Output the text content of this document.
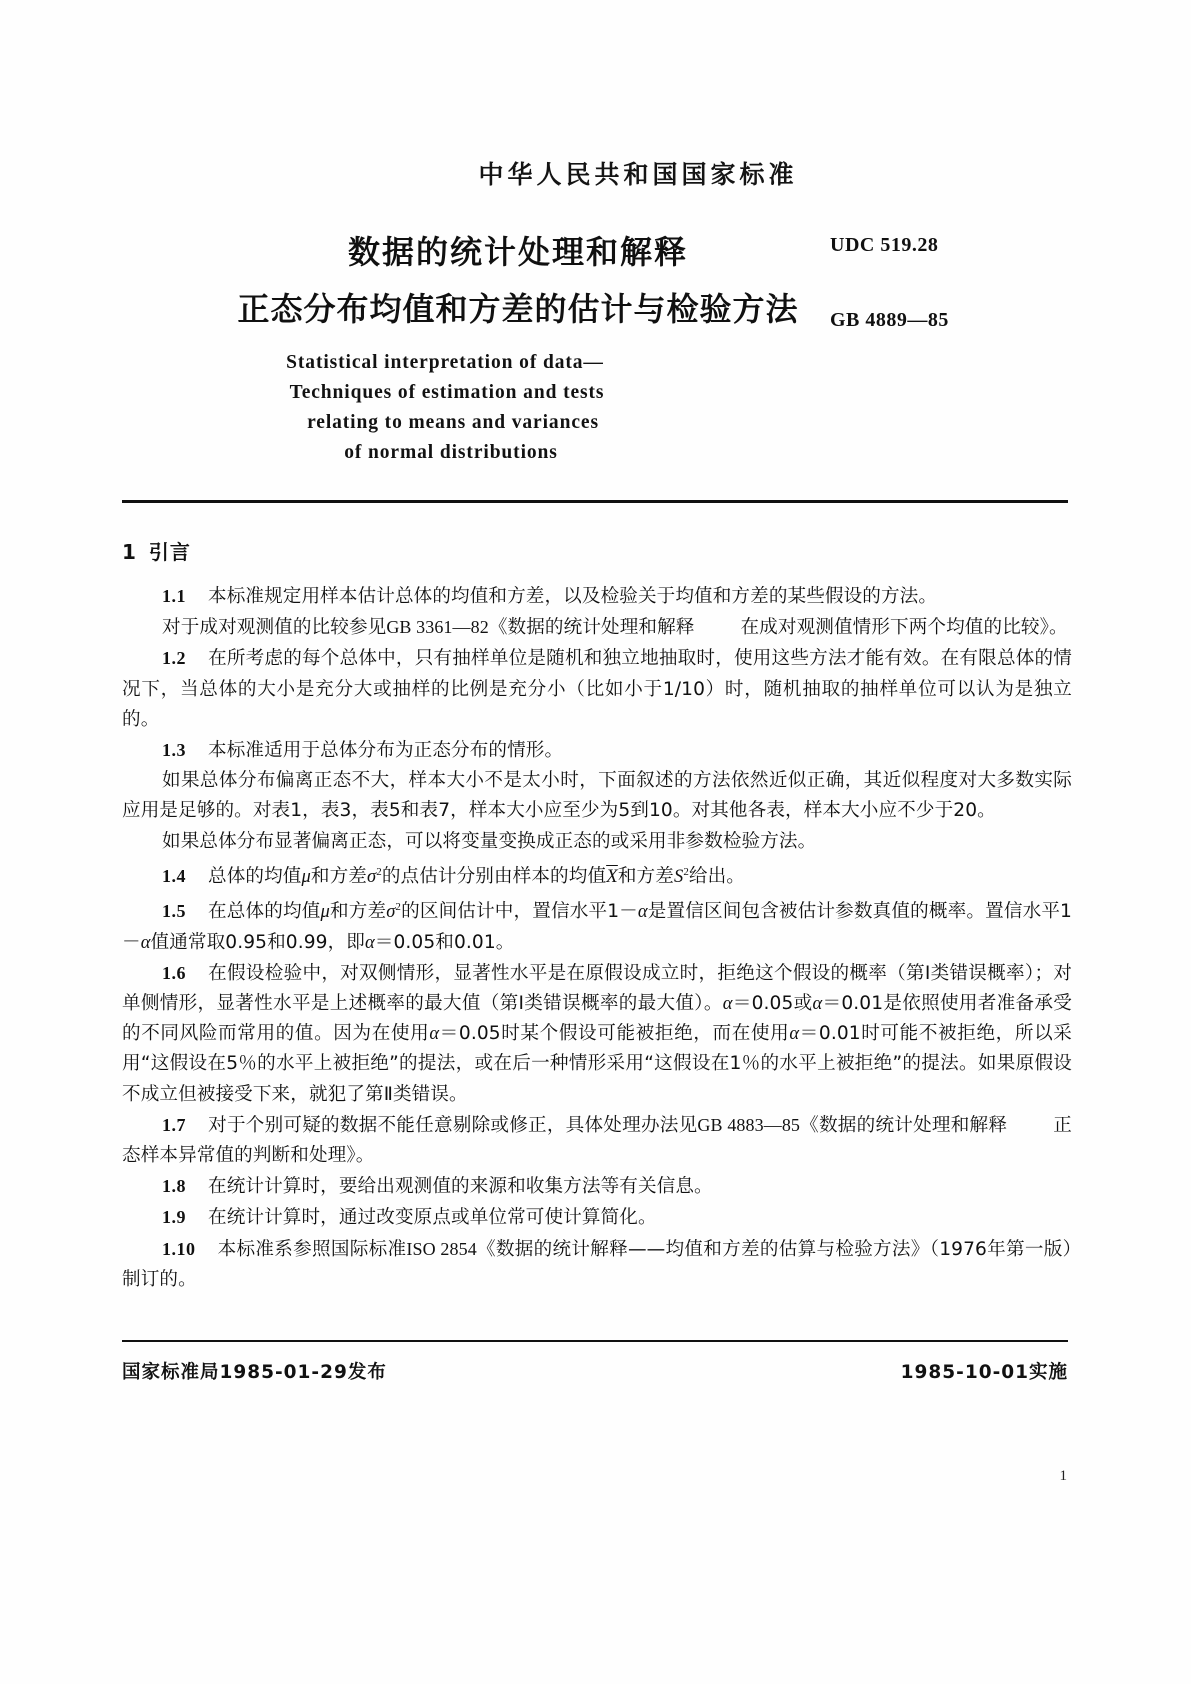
中华人民共和国国家标准
数据的统计处理和解释
正态分布均值和方差的估计与检验方法
UDC 519.28
GB 4889—85
Statistical interpretation of data—
Techniques of estimation and tests
relating to means and variances
of normal distributions
1 引言

1.1 本标准规定用样本估计总体的均值和方差，以及检验关于均值和方差的某些假设的方法。

对于成对观测值的比较参见GB 3361—82《数据的统计处理和解释 在成对观测值情形下两个均值的比较》。

1.2 在所考虑的每个总体中，只有抽样单位是随机和独立地抽取时，使用这些方法才能有效。在有限总体的情况下，当总体的大小是充分大或抽样的比例是充分小（比如小于1/10）时，随机抽取的抽样单位可以认为是独立的。

1.3 本标准适用于总体分布为正态分布的情形。

如果总体分布偏离正态不大，样本大小不是太小时，下面叙述的方法依然近似正确，其近似程度对大多数实际应用是足够的。对表1，表3，表5和表7，样本大小应至少为5到10。对其他各表，样本大小应不少于20。

如果总体分布显著偏离正态，可以将变量变换成正态的或采用非参数检验方法。

1.4 总体的均值μ和方差$\sigma^2$的点估计分别由样本的均值$\overline{X}$和方差$S^2$给出。

1.5 在总体的均值μ和方差$\sigma^2$的区间估计中，置信水平1－α是置信区间包含被估计参数真值的概率。置信水平1－α值通常取0.95和0.99，即α＝0.05和0.01。

1.6 在假设检验中，对双侧情形，显著性水平是在原假设成立时，拒绝这个假设的概率（第Ⅰ类错误概率）；对单侧情形，显著性水平是上述概率的最大值（第Ⅰ类错误概率的最大值）。α＝0.05或α＝0.01是依照使用者准备承受的不同风险而常用的值。因为在使用α＝0.05时某个假设可能被拒绝，而在使用α＝0.01时可能不被拒绝，所以采用“这假设在5％的水平上被拒绝”的提法，或在后一种情形采用“这假设在1％的水平上被拒绝”的提法。如果原假设不成立但被接受下来，就犯了第Ⅱ类错误。

1.7 对于个别可疑的数据不能任意剔除或修正，具体处理办法见GB 4883—85《数据的统计处理和解释 正态样本异常值的判断和处理》。

1.8 在统计计算时，要给出观测值的来源和收集方法等有关信息。

1.9 在统计计算时，通过改变原点或单位常可使计算简化。

1.10 本标准系参照国际标准ISO 2854《数据的统计解释——均值和方差的估算与检验方法》（1976年第一版）制订的。

国家标准局1985-01-29发布	1985-10-01实施
1
